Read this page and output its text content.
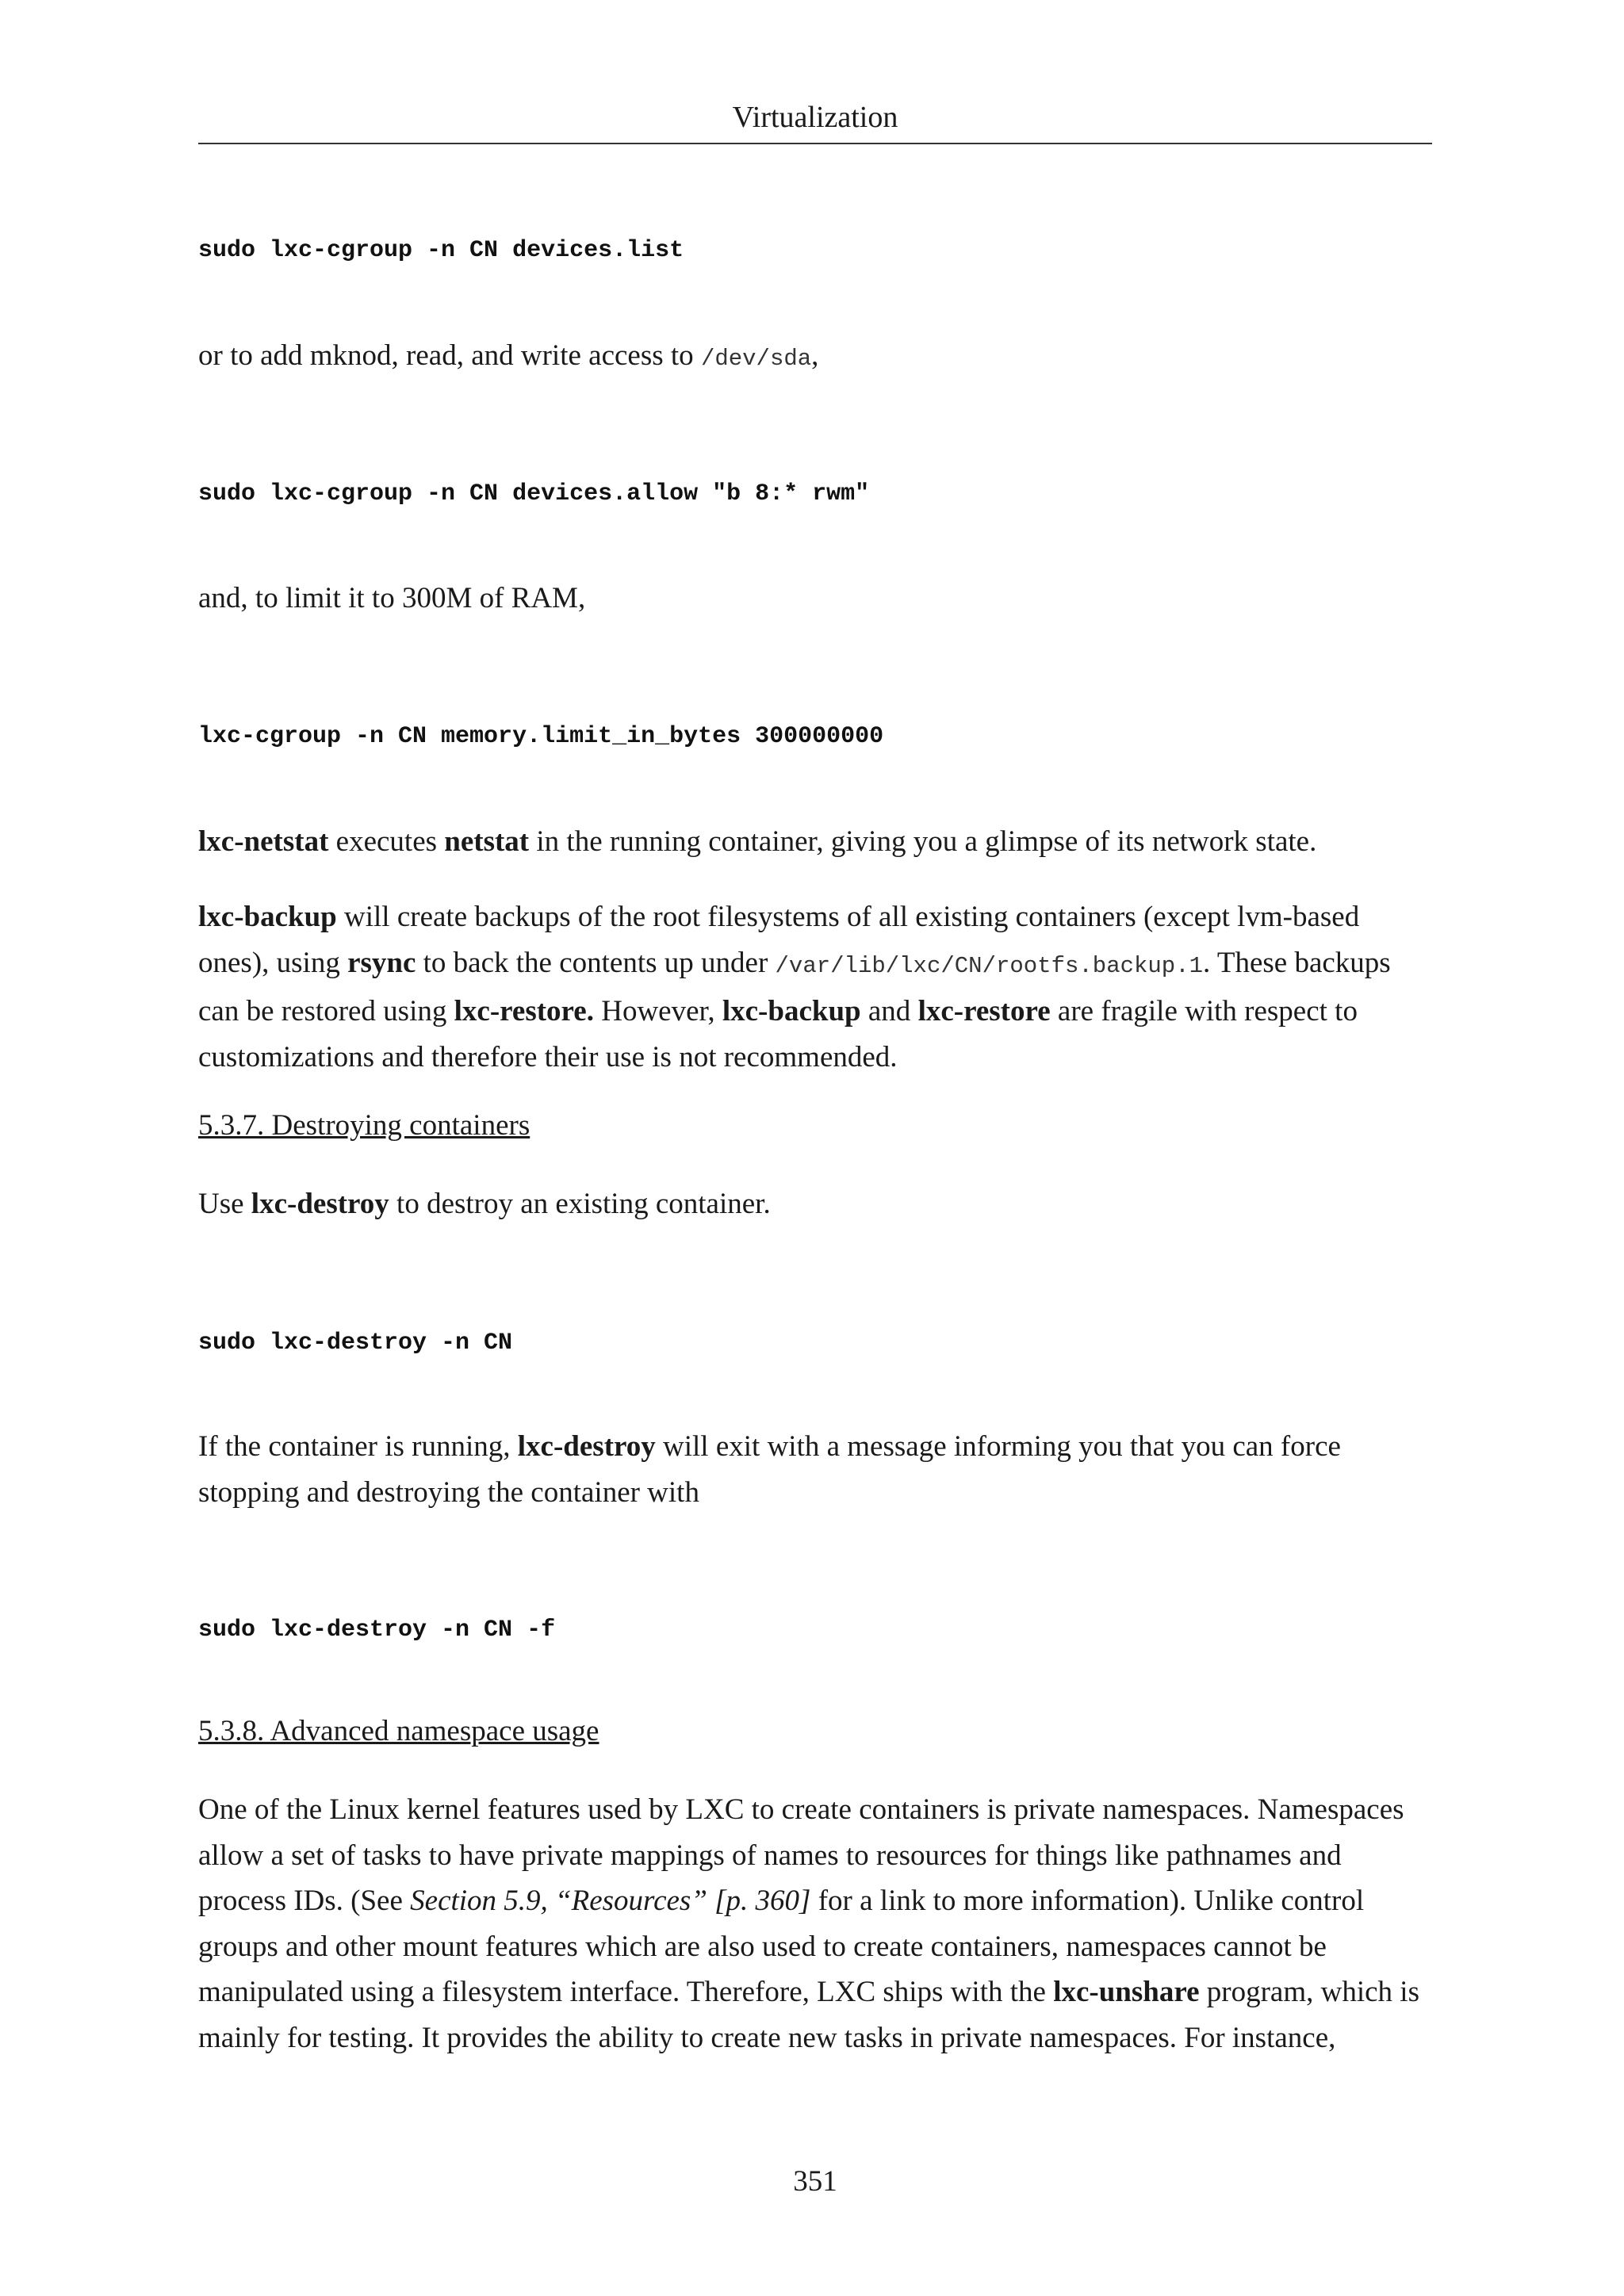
Virtualization
sudo lxc-cgroup -n CN devices.list

or to add mknod, read, and write access to /dev/sda,

sudo lxc-cgroup -n CN devices.allow "b 8:* rwm"

and, to limit it to 300M of RAM,

lxc-cgroup -n CN memory.limit_in_bytes 300000000

lxc-netstat executes netstat in the running container, giving you a glimpse of its network state.

lxc-backup will create backups of the root filesystems of all existing containers (except lvm-based ones), using rsync to back the contents up under /var/lib/lxc/CN/rootfs.backup.1. These backups can be restored using lxc-restore. However, lxc-backup and lxc-restore are fragile with respect to customizations and therefore their use is not recommended.

5.3.7. Destroying containers

Use lxc-destroy to destroy an existing container.

sudo lxc-destroy -n CN

If the container is running, lxc-destroy will exit with a message informing you that you can force stopping and destroying the container with

sudo lxc-destroy -n CN -f
5.3.8. Advanced namespace usage

One of the Linux kernel features used by LXC to create containers is private namespaces. Namespaces allow a set of tasks to have private mappings of names to resources for things like pathnames and process IDs. (See Section 5.9, “Resources” [p. 360] for a link to more information). Unlike control groups and other mount features which are also used to create containers, namespaces cannot be manipulated using a filesystem interface. Therefore, LXC ships with the lxc-unshare program, which is mainly for testing. It provides the ability to create new tasks in private namespaces. For instance,

351
